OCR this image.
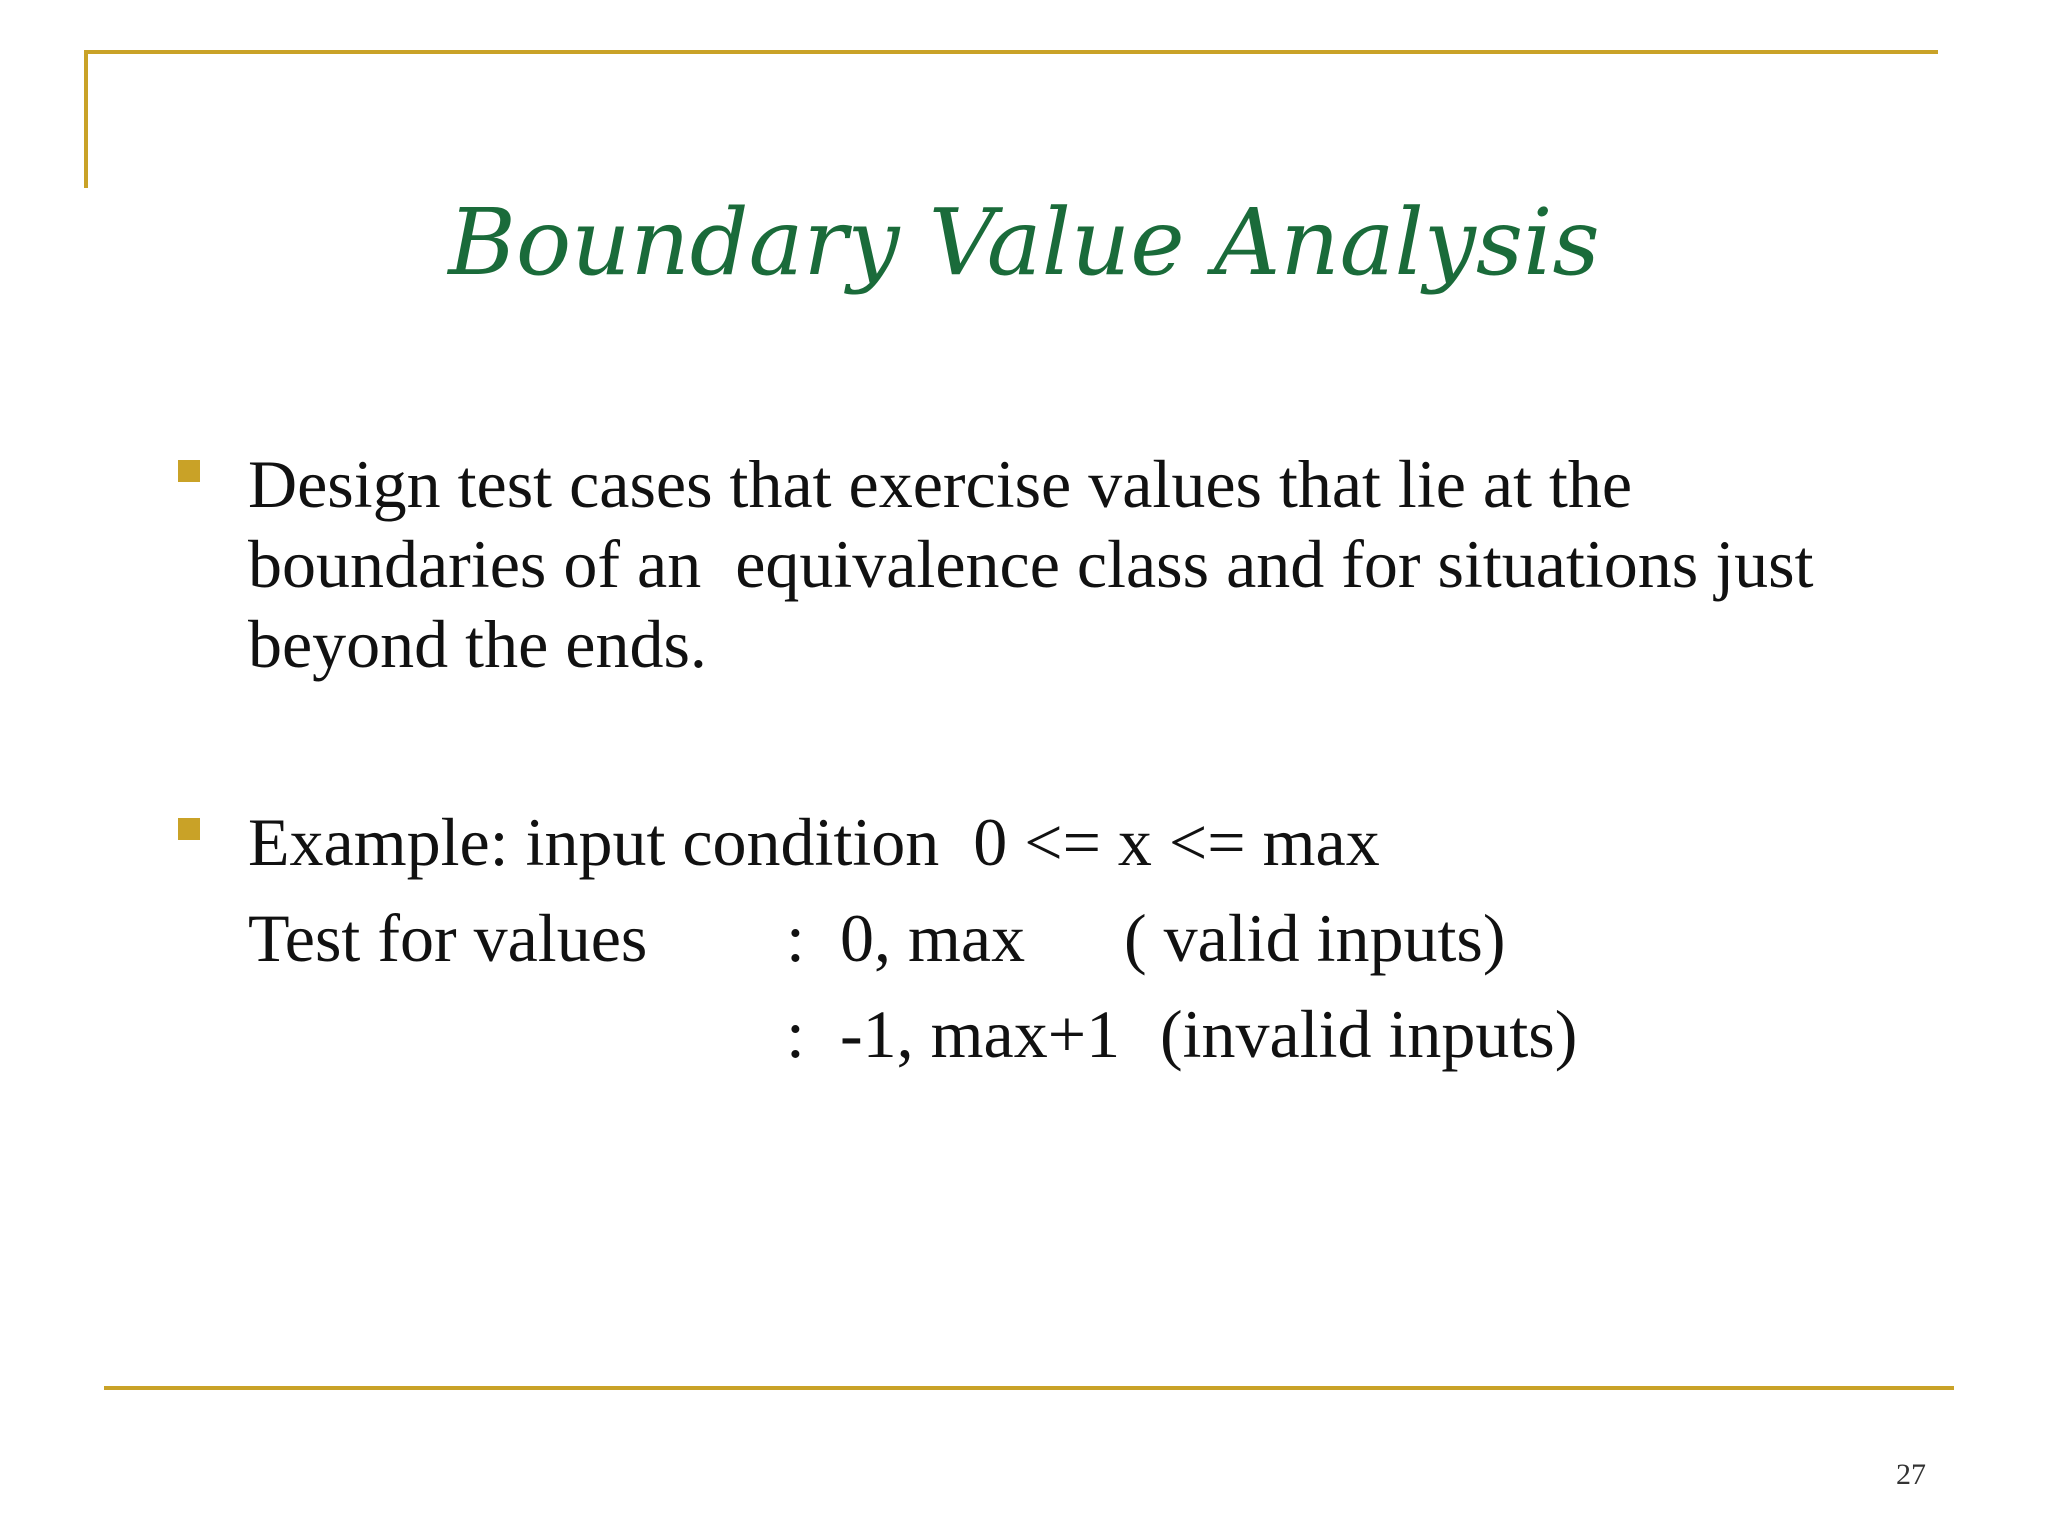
Boundary Value Analysis
Design test cases that exercise values that lie at the
boundaries of an  equivalence class and for situations just
beyond the ends.
Example: input condition  0 <= x <= max
Test for values : 0, max ( valid inputs)
: -1, max+1 (invalid inputs)
27
